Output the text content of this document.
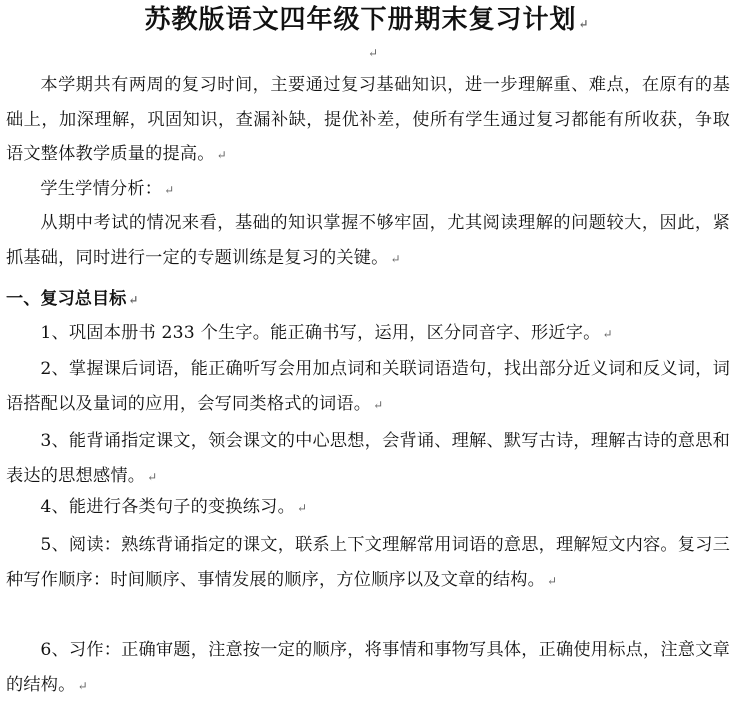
苏教版语文四年级下册期末复习计划 ↵
↵

本学期共有两周的复习时间，主要通过复习基础知识，进一步理解重、难点，在原有的基础上，加深理解，巩固知识，查漏补缺，提优补差，使所有学生通过复习都能有所收获，争取语文整体教学质量的提高。 ↵

学生学情分析： ↵

从期中考试的情况来看，基础的知识掌握不够牢固，尤其阅读理解的问题较大，因此，紧抓基础，同时进行一定的专题训练是复习的关键。 ↵

一、复习总目标 ↵

1、巩固本册书 233 个生字。能正确书写，运用，区分同音字、形近字。 ↵

2、掌握课后词语，能正确听写会用加点词和关联词语造句，找出部分近义词和反义词，词语搭配以及量词的应用，会写同类格式的词语。 ↵

3、能背诵指定课文，领会课文的中心思想，会背诵、理解、默写古诗，理解古诗的意思和表达的思想感情。 ↵

4、能进行各类句子的变换练习。 ↵

5、阅读：熟练背诵指定的课文，联系上下文理解常用词语的意思，理解短文内容。复习三种写作顺序：时间顺序、事情发展的顺序，方位顺序以及文章的结构。 ↵

6、习作：正确审题，注意按一定的顺序，将事情和事物写具体，正确使用标点，注意文章的结构。 ↵
